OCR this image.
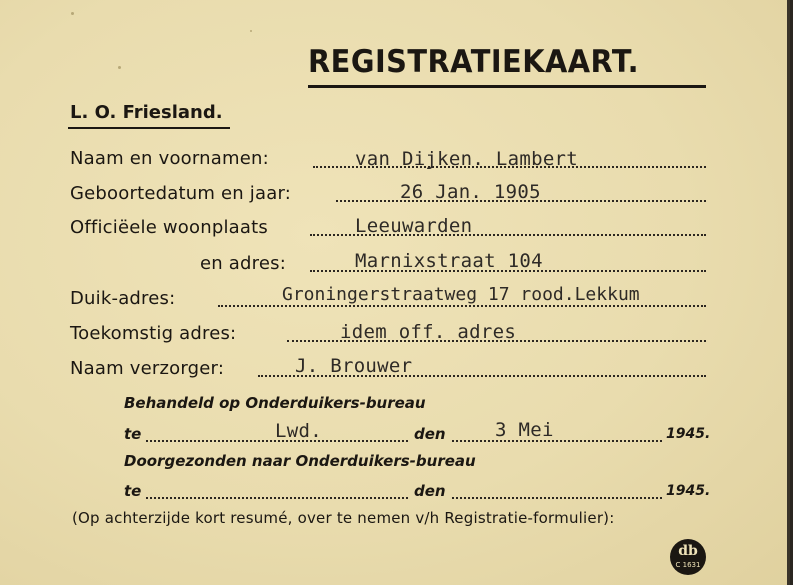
REGISTRATIEKAART.
L. O. Friesland.
Naam en voornamen:	van Dijken. Lambert
Geboortedatum en jaar:	26 Jan. 1905
Officiëele woonplaats	Leeuwarden
en adres:	Marnixstraat 104
Duik-adres:	Groningerstraatweg 17 rood.Lekkum
Toekomstig adres:	idem off. adres
Naam verzorger:	J. Brouwer
Behandeld op Onderduikers-bureau
te	Lwd.	den	3 Mei	1945.
Doorgezonden naar Onderduikers-bureau
te	den	1945.
(Op achterzijde kort resumé, over te nemen v/h Registratie-formulier):
db
C 1631
